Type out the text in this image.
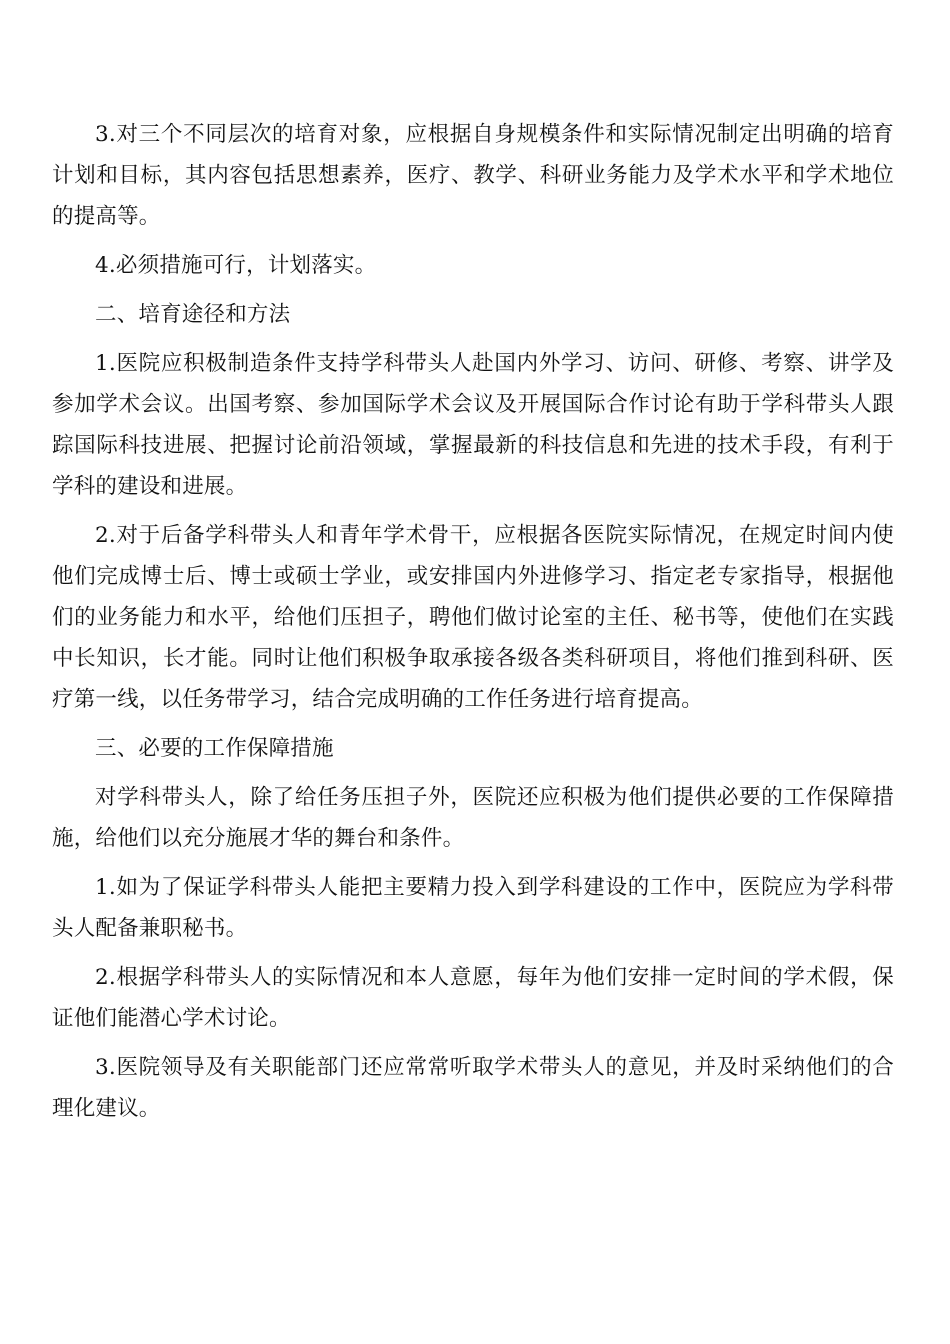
3.对三个不同层次的培育对象，应根据自身规模条件和实际情况制定出明确的培育计划和目标，其内容包括思想素养，医疗、教学、科研业务能力及学术水平和学术地位的提高等。

4.必须措施可行，计划落实。

二、培育途径和方法

1.医院应积极制造条件支持学科带头人赴国内外学习、访问、研修、考察、讲学及参加学术会议。出国考察、参加国际学术会议及开展国际合作讨论有助于学科带头人跟踪国际科技进展、把握讨论前沿领域，掌握最新的科技信息和先进的技术手段，有利于学科的建设和进展。

2.对于后备学科带头人和青年学术骨干，应根据各医院实际情况，在规定时间内使他们完成博士后、博士或硕士学业，或安排国内外进修学习、指定老专家指导，根据他们的业务能力和水平，给他们压担子，聘他们做讨论室的主任、秘书等，使他们在实践中长知识，长才能。同时让他们积极争取承接各级各类科研项目，将他们推到科研、医疗第一线，以任务带学习，结合完成明确的工作任务进行培育提高。

三、必要的工作保障措施

对学科带头人，除了给任务压担子外，医院还应积极为他们提供必要的工作保障措施，给他们以充分施展才华的舞台和条件。

1.如为了保证学科带头人能把主要精力投入到学科建设的工作中，医院应为学科带头人配备兼职秘书。

2.根据学科带头人的实际情况和本人意愿，每年为他们安排一定时间的学术假，保证他们能潜心学术讨论。

3.医院领导及有关职能部门还应常常听取学术带头人的意见，并及时采纳他们的合理化建议。
